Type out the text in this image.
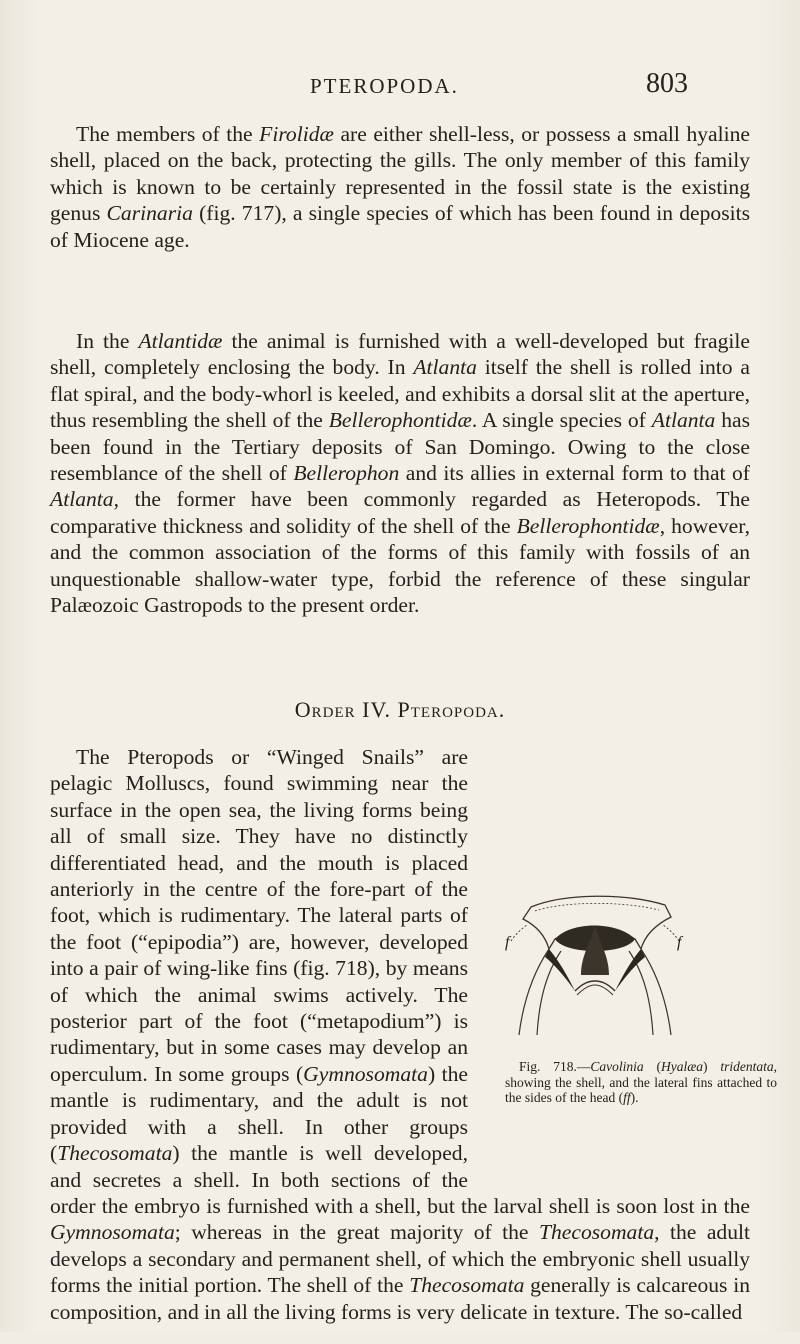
PTEROPODA.	803
The members of the Firolidæ are either shell-less, or possess a small hyaline shell, placed on the back, protecting the gills. The only member of this family which is known to be certainly represented in the fossil state is the existing genus Carinaria (fig. 717), a single species of which has been found in deposits of Miocene age.
In the Atlantidæ the animal is furnished with a well-developed but fragile shell, completely enclosing the body. In Atlanta itself the shell is rolled into a flat spiral, and the body-whorl is keeled, and exhibits a dorsal slit at the aperture, thus resembling the shell of the Bellerophontidæ. A single species of Atlanta has been found in the Tertiary deposits of San Domingo. Owing to the close resemblance of the shell of Bellerophon and its allies in external form to that of Atlanta, the former have been commonly regarded as Heteropods. The comparative thickness and solidity of the shell of the Bellerophontidæ, however, and the common association of the forms of this family with fossils of an unquestionable shallow-water type, forbid the reference of these singular Palæozoic Gastropods to the present order.
Order IV. Pteropoda.
The Pteropods or “Winged Snails” are pelagic Molluscs, found swimming near the surface in the open sea, the living forms being all of small size. They have no distinctly differentiated head, and the mouth is placed anteriorly in the centre of the fore-part of the foot, which is rudimentary. The lateral parts of the foot (“epipodia”) are, however, developed into a pair of wing-like fins (fig. 718), by means of which the animal swims actively. The posterior part of the foot (“metapodium”) is rudimentary, but in some cases may develop an operculum. In some groups (Gymnosomata) the mantle is rudimentary, and the adult is not provided with a shell. In other groups (Thecosomata) the mantle is well developed, and secretes a shell. In both sections of the order the embryo is furnished with a shell, but the larval shell is soon lost in the Gymnosomata; whereas in the great majority of the Thecosomata, the adult develops a secondary and permanent shell, of which the embryonic shell usually forms the initial portion. The shell of the Thecosomata generally is calcareous in composition, and in all the living forms is very delicate in texture. The so-called
f	f
Fig. 718.—Cavolinia (Hyalæa) tridentata, showing the shell, and the lateral fins attached to the sides of the head (ff).
